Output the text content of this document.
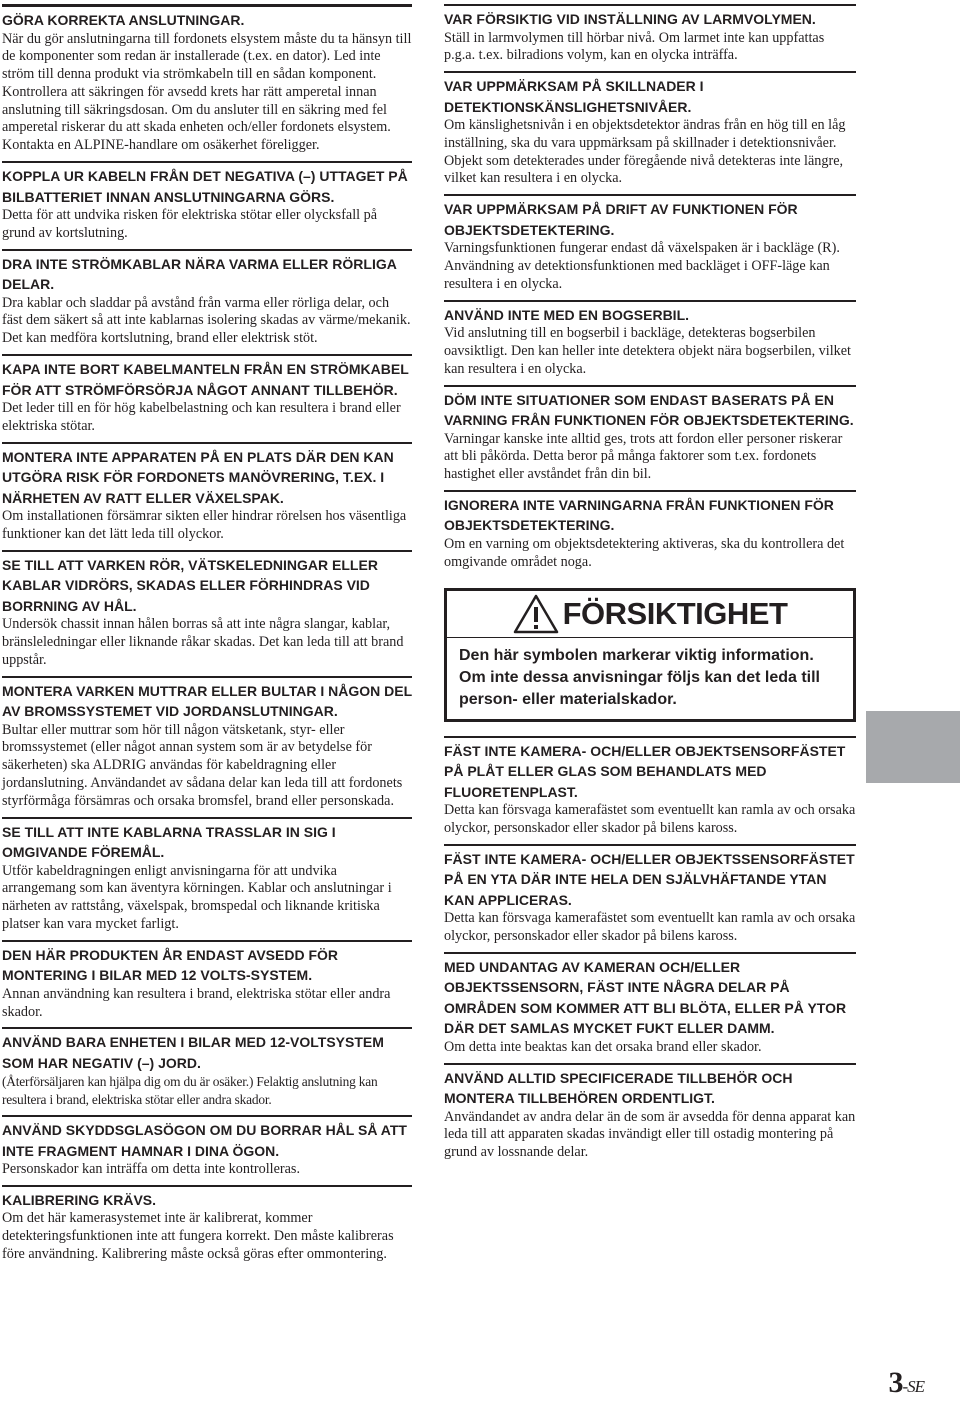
GÖRA KORREKTA ANSLUTNINGAR.

När du gör anslutningarna till fordonets elsystem måste du ta hänsyn till de komponenter som redan är installerade (t.ex. en dator). Led inte ström till denna produkt via strömkabeln till en sådan komponent. Kontrollera att säkringen för avsedd krets har rätt amperetal innan anslutning till säkringsdosan. Om du ansluter till en säkring med fel amperetal riskerar du att skada enheten och/eller fordonets elsystem. Kontakta en ALPINE-handlare om osäkerhet föreligger.

KOPPLA UR KABELN FRÅN DET NEGATIVA (–) UTTAGET PÅ BILBATTERIET INNAN ANSLUTNINGARNA GÖRS.

Detta för att undvika risken för elektriska stötar eller olycksfall på grund av kortslutning.

DRA INTE STRÖMKABLAR NÄRA VARMA ELLER RÖRLIGA DELAR.

Dra kablar och sladdar på avstånd från varma eller rörliga delar, och fäst dem säkert så att inte kablarnas isolering skadas av värme/mekanik. Det kan medföra kortslutning, brand eller elektrisk stöt.

KAPA INTE BORT KABELMANTELN FRÅN EN STRÖMKABEL FÖR ATT STRÖMFÖRSÖRJA NÅGOT ANNANT TILLBEHÖR.

Det leder till en för hög kabelbelastning och kan resultera i brand eller elektriska stötar.

MONTERA INTE APPARATEN PÅ EN PLATS DÄR DEN KAN UTGÖRA RISK FÖR FORDONETS MANÖVRERING, T.EX. I NÄRHETEN AV RATT ELLER VÄXELSPAK.

Om installationen försämrar sikten eller hindrar rörelsen hos väsentliga funktioner kan det lätt leda till olyckor.

SE TILL ATT VARKEN RÖR, VÄTSKELEDNINGAR ELLER KABLAR VIDRÖRS, SKADAS ELLER FÖRHINDRAS VID BORRNING AV HÅL.

Undersök chassit innan hålen borras så att inte några slangar, kablar, bränsleledningar eller liknande råkar skadas. Det kan leda till att brand uppstår.

MONTERA VARKEN MUTTRAR ELLER BULTAR I NÅGON DEL AV BROMSSYSTEMET VID JORDANSLUTNINGAR.

Bultar eller muttrar som hör till någon vätsketank, styr- eller bromssystemet (eller något annan system som är av betydelse för säkerheten) ska ALDRIG användas för kabeldragning eller jordanslutning. Användandet av sådana delar kan leda till att fordonets styrförmåga försämras och orsaka bromsfel, brand eller personskada.

SE TILL ATT INTE KABLARNA TRASSLAR IN SIG I OMGIVANDE FÖREMÅL.

Utför kabeldragningen enligt anvisningarna för att undvika arrangemang som kan äventyra körningen. Kablar och anslutningar i närheten av rattstång, växelspak, bromspedal och liknande kritiska platser kan vara mycket farligt.

DEN HÄR PRODUKTEN ÅR ENDAST AVSEDD FÖR MONTERING I BILAR MED 12 VOLTS-SYSTEM.

Annan användning kan resultera i brand, elektriska stötar eller andra skador.

ANVÄND BARA ENHETEN I BILAR MED 12-VOLTSYSTEM SOM HAR NEGATIV (–) JORD.

(Återförsäljaren kan hjälpa dig om du är osäker.) Felaktig anslutning kan resultera i brand, elektriska stötar eller andra skador.

ANVÄND SKYDDSGLASÖGON OM DU BORRAR HÅL SÅ ATT INTE FRAGMENT HAMNAR I DINA ÖGON.

Personskador kan inträffa om detta inte kontrolleras.

KALIBRERING KRÄVS.

Om det här kamerasystemet inte är kalibrerat, kommer detekteringsfunktionen inte att fungera korrekt. Den måste kalibreras före användning. Kalibrering måste också göras efter ommontering.

VAR FÖRSIKTIG VID INSTÄLLNING AV LARMVOLYMEN.

Ställ in larmvolymen till hörbar nivå. Om larmet inte kan uppfattas p.g.a. t.ex. bilradions volym, kan en olycka inträffa.

VAR UPPMÄRKSAM PÅ SKILLNADER I DETEKTIONSKÄNSLIGHETSNIVÅER.

Om känslighetsnivån i en objektsdetektor ändras från en hög till en låg inställning, ska du vara uppmärksam på skillnader i detektionsnivåer. Objekt som detekterades under föregående nivå detekteras inte längre, vilket kan resultera i en olycka.

VAR UPPMÄRKSAM PÅ DRIFT AV FUNKTIONEN FÖR OBJEKTSDETEKTERING.

Varningsfunktionen fungerar endast då växelspaken är i backläge (R). Användning av detektionsfunktionen med backläget i OFF-läge kan resultera i en olycka.

ANVÄND INTE MED EN BOGSERBIL.

Vid anslutning till en bogserbil i backläge, detekteras bogserbilen oavsiktligt. Den kan heller inte detektera objekt nära bogserbilen, vilket kan resultera i en olycka.

DÖM INTE SITUATIONER SOM ENDAST BASERATS PÅ EN VARNING FRÅN FUNKTIONEN FÖR OBJEKTSDETEKTERING.

Varningar kanske inte alltid ges, trots att fordon eller personer riskerar att bli påkörda. Detta beror på många faktorer som t.ex. fordonets hastighet eller avståndet från din bil.

IGNORERA INTE VARNINGARNA FRÅN FUNKTIONEN FÖR OBJEKTSDETEKTERING.

Om en varning om objektsdetektering aktiveras, ska du kontrollera det omgivande området noga.

FÖRSIKTIGHET
Den här symbolen markerar viktig information. Om inte dessa anvisningar följs kan det leda till person- eller materialskador.

FÄST INTE KAMERA- OCH/ELLER OBJEKTSENSORFÄSTET PÅ PLÅT ELLER GLAS SOM BEHANDLATS MED FLUORETENPLAST.

Detta kan försvaga kamerafästet som eventuellt kan ramla av och orsaka olyckor, personskador eller skador på bilens kaross.

FÄST INTE KAMERA- OCH/ELLER OBJEKTSSENSORFÄSTET PÅ EN YTA DÄR INTE HELA DEN SJÄLVHÄFTANDE YTAN KAN APPLICERAS.

Detta kan försvaga kamerafästet som eventuellt kan ramla av och orsaka olyckor, personskador eller skador på bilens kaross.

MED UNDANTAG AV KAMERAN OCH/ELLER OBJEKTSSENSORN, FÄST INTE NÅGRA DELAR PÅ OMRÅDEN SOM KOMMER ATT BLI BLÖTA, ELLER PÅ YTOR DÄR DET SAMLAS MYCKET FUKT ELLER DAMM.

Om detta inte beaktas kan det orsaka brand eller skador.

ANVÄND ALLTID SPECIFICERADE TILLBEHÖR OCH MONTERA TILLBEHÖREN ORDENTLIGT.

Användandet av andra delar än de som är avsedda för denna apparat kan leda till att apparaten skadas invändigt eller till ostadig montering på grund av lossnande delar.

3-SE
